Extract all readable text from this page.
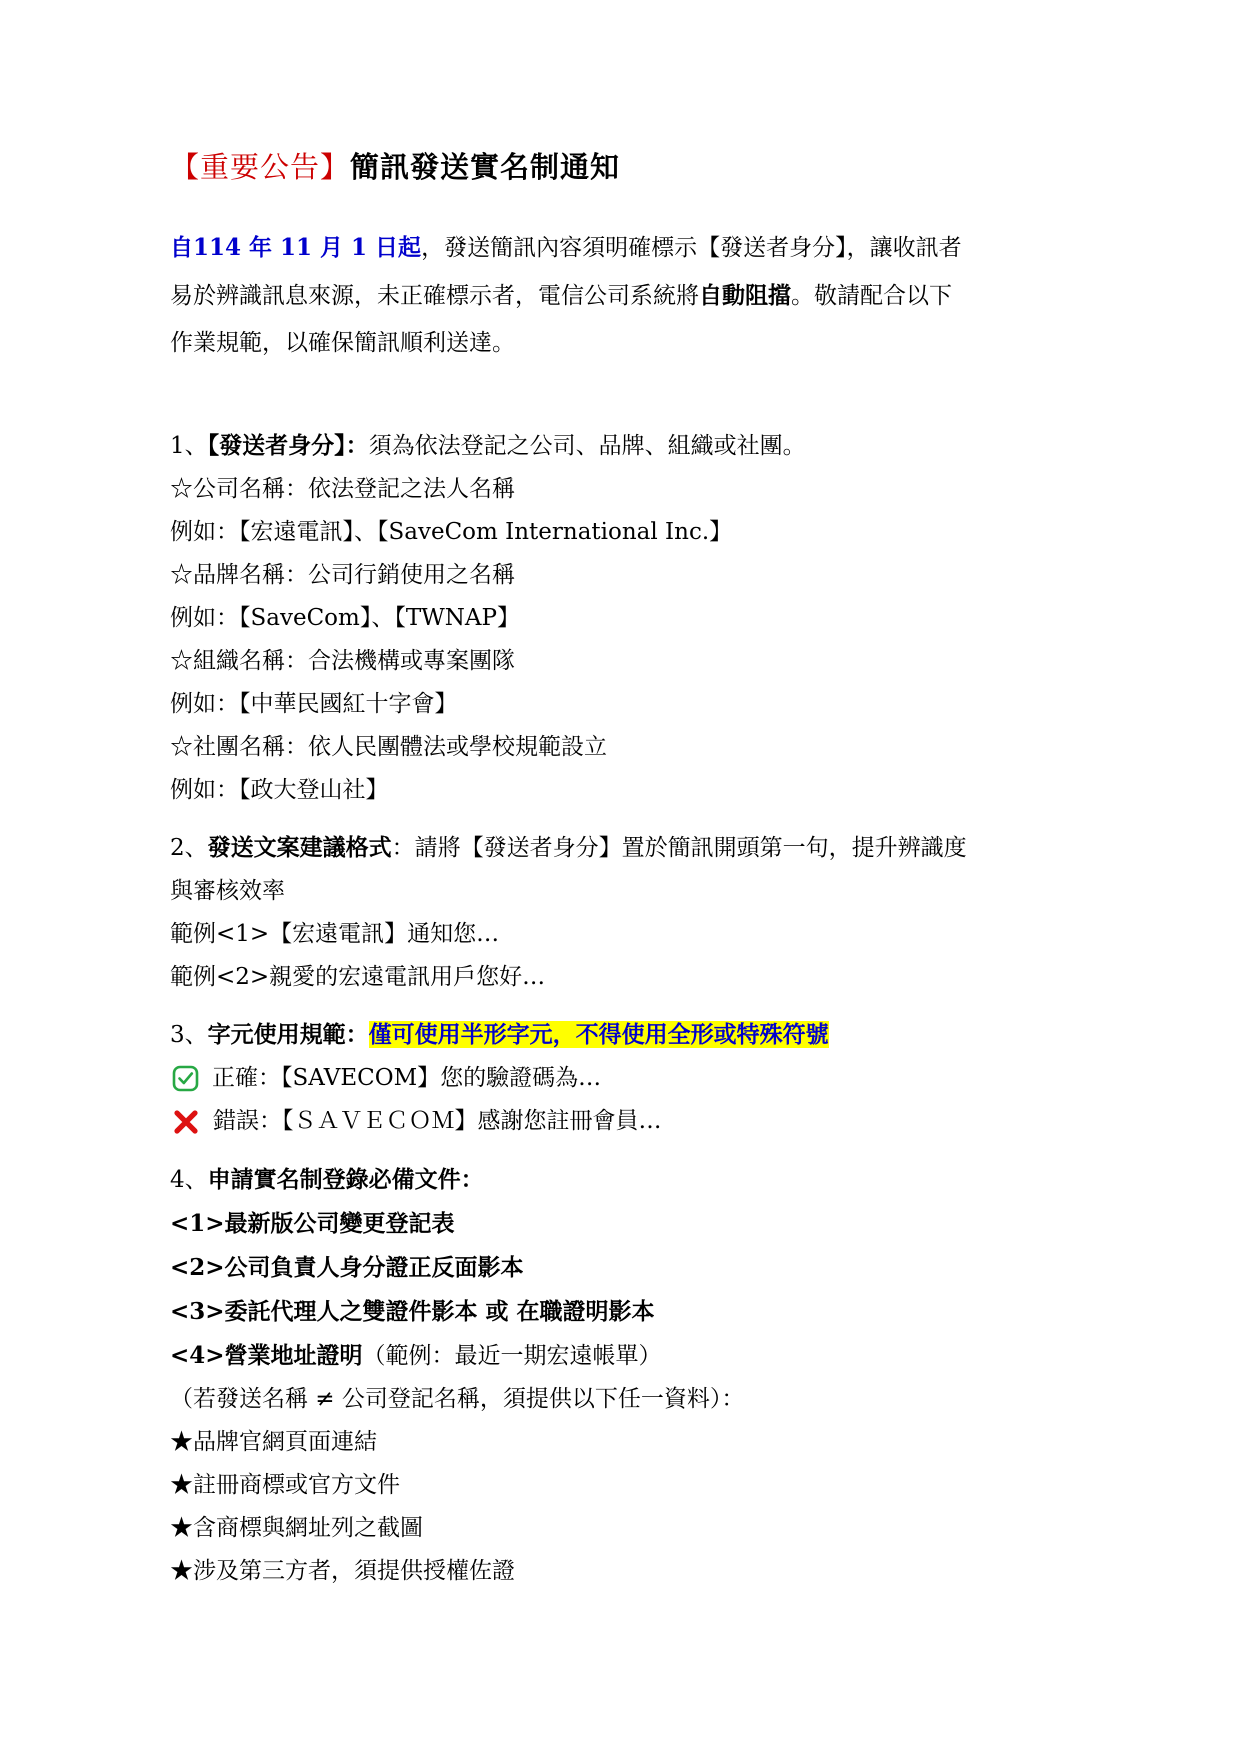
【重要公告】簡訊發送實名制通知
自114 年 11 月 1 日起，發送簡訊內容須明確標示【發送者身分】，讓收訊者
易於辨識訊息來源，未正確標示者，電信公司系統將自動阻擋。敬請配合以下
作業規範，以確保簡訊順利送達。
1、【發送者身分】：須為依法登記之公司、品牌、組織或社團。
☆公司名稱：依法登記之法人名稱
例如：【宏遠電訊】、【SaveCom International Inc.】
☆品牌名稱：公司行銷使用之名稱
例如：【SaveCom】、【TWNAP】
☆組織名稱：合法機構或專案團隊
例如：【中華民國紅十字會】
☆社團名稱：依人民團體法或學校規範設立
例如：【政大登山社】
2、發送文案建議格式：請將【發送者身分】置於簡訊開頭第一句，提升辨識度
與審核效率
範例<1>【宏遠電訊】通知您…
範例<2>親愛的宏遠電訊用戶您好…
3、字元使用規範：僅可使用半形字元，不得使用全形或特殊符號
正確：【SAVECOM】您的驗證碼為…
錯誤：【ＳＡＶＥＣＯＭ】感謝您註冊會員…
4、申請實名制登錄必備文件：
<1>最新版公司變更登記表
<2>公司負責人身分證正反面影本
<3>委託代理人之雙證件影本 或 在職證明影本
<4>營業地址證明（範例：最近一期宏遠帳單）
（若發送名稱 ≠ 公司登記名稱，須提供以下任一資料）：
★品牌官網頁面連結
★註冊商標或官方文件
★含商標與網址列之截圖
★涉及第三方者，須提供授權佐證
